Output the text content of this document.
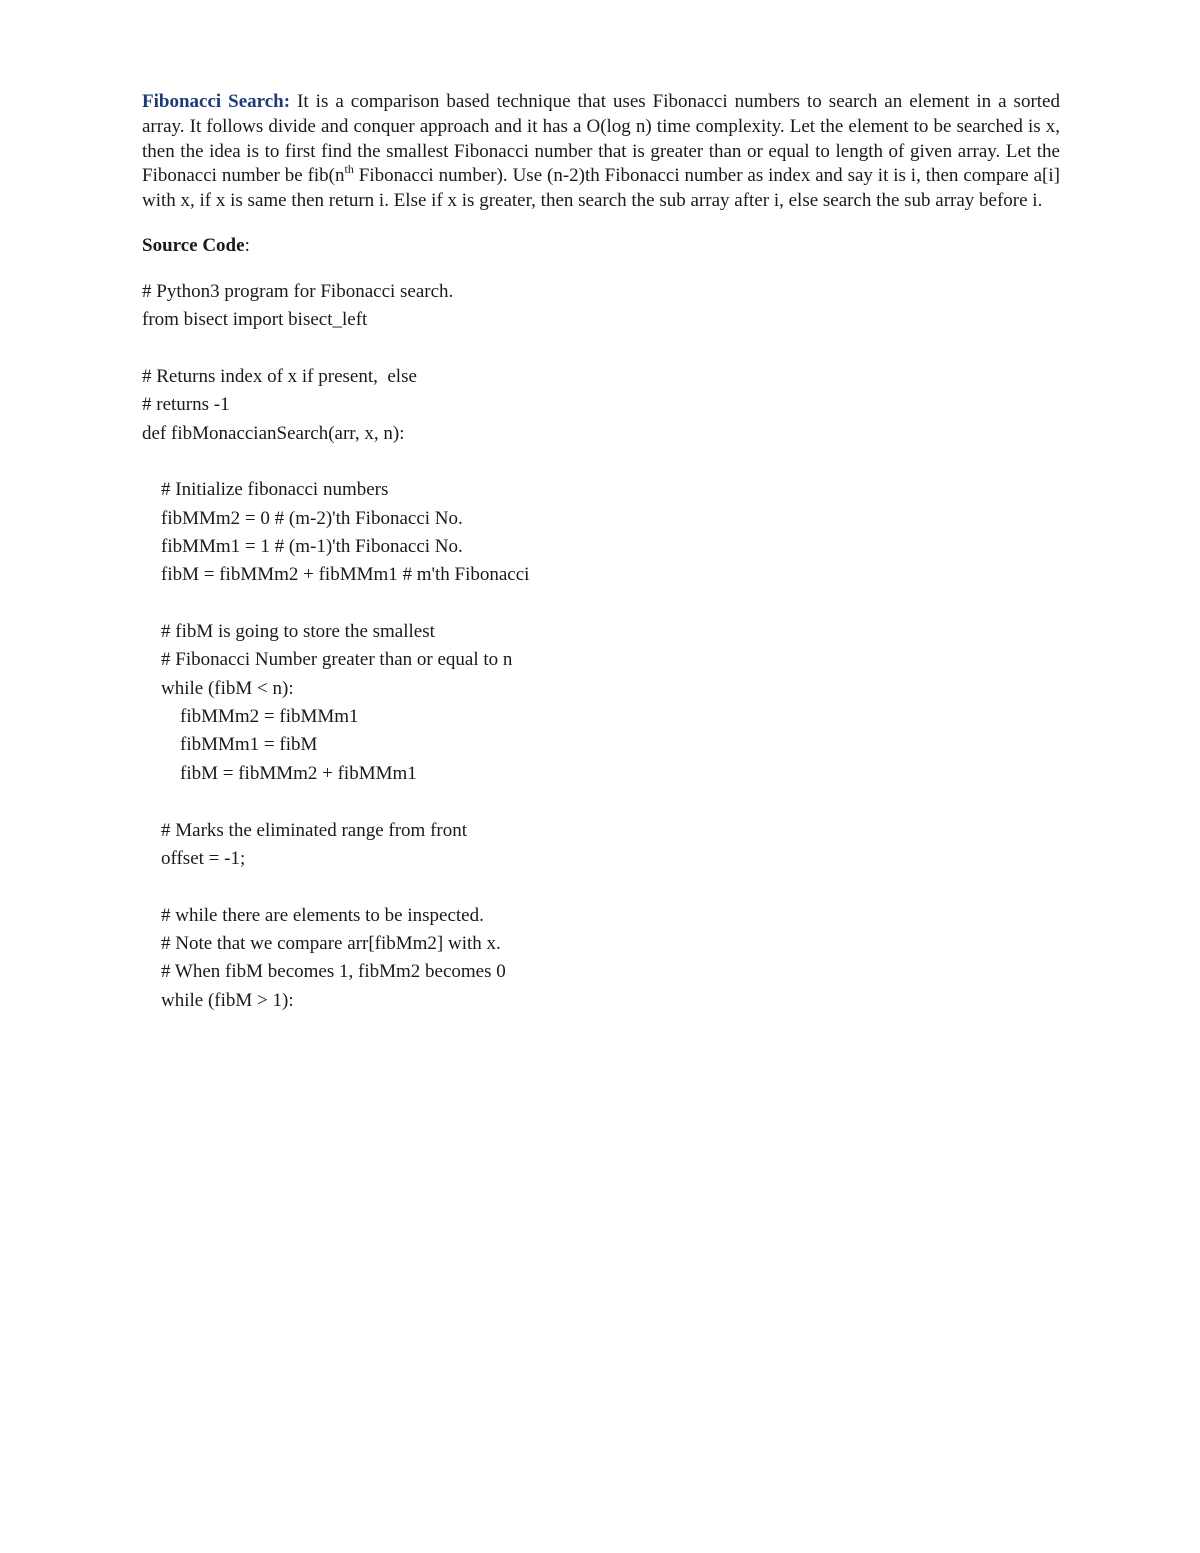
Fibonacci Search: It is a comparison based technique that uses Fibonacci numbers to search an element in a sorted array. It follows divide and conquer approach and it has a O(log n) time complexity. Let the element to be searched is x, then the idea is to first find the smallest Fibonacci number that is greater than or equal to length of given array. Let the Fibonacci number be $fib(n^{th}$ Fibonacci number). Use (n-2)th Fibonacci number as index and say it is i, then compare a[i] with x, if x is same then return i. Else if x is greater, then search the sub array after i, else search the sub array before i.

Source Code:

# Python3 program for Fibonacci search.
from bisect import bisect_left
# Returns index of x if present,  else
# returns -1
def fibMonaccianSearch(arr, x, n):
# Initialize fibonacci numbers
fibMMm2 = 0 # (m-2)'th Fibonacci No.
fibMMm1 = 1 # (m-1)'th Fibonacci No.
fibM = fibMMm2 + fibMMm1 # m'th Fibonacci
# fibM is going to store the smallest
# Fibonacci Number greater than or equal to n
while (fibM < n):
fibMMm2 = fibMMm1
fibMMm1 = fibM
fibM = fibMMm2 + fibMMm1
# Marks the eliminated range from front
offset = -1;
# while there are elements to be inspected.
# Note that we compare arr[fibMm2] with x.
# When fibM becomes 1, fibMm2 becomes 0
while (fibM > 1):
